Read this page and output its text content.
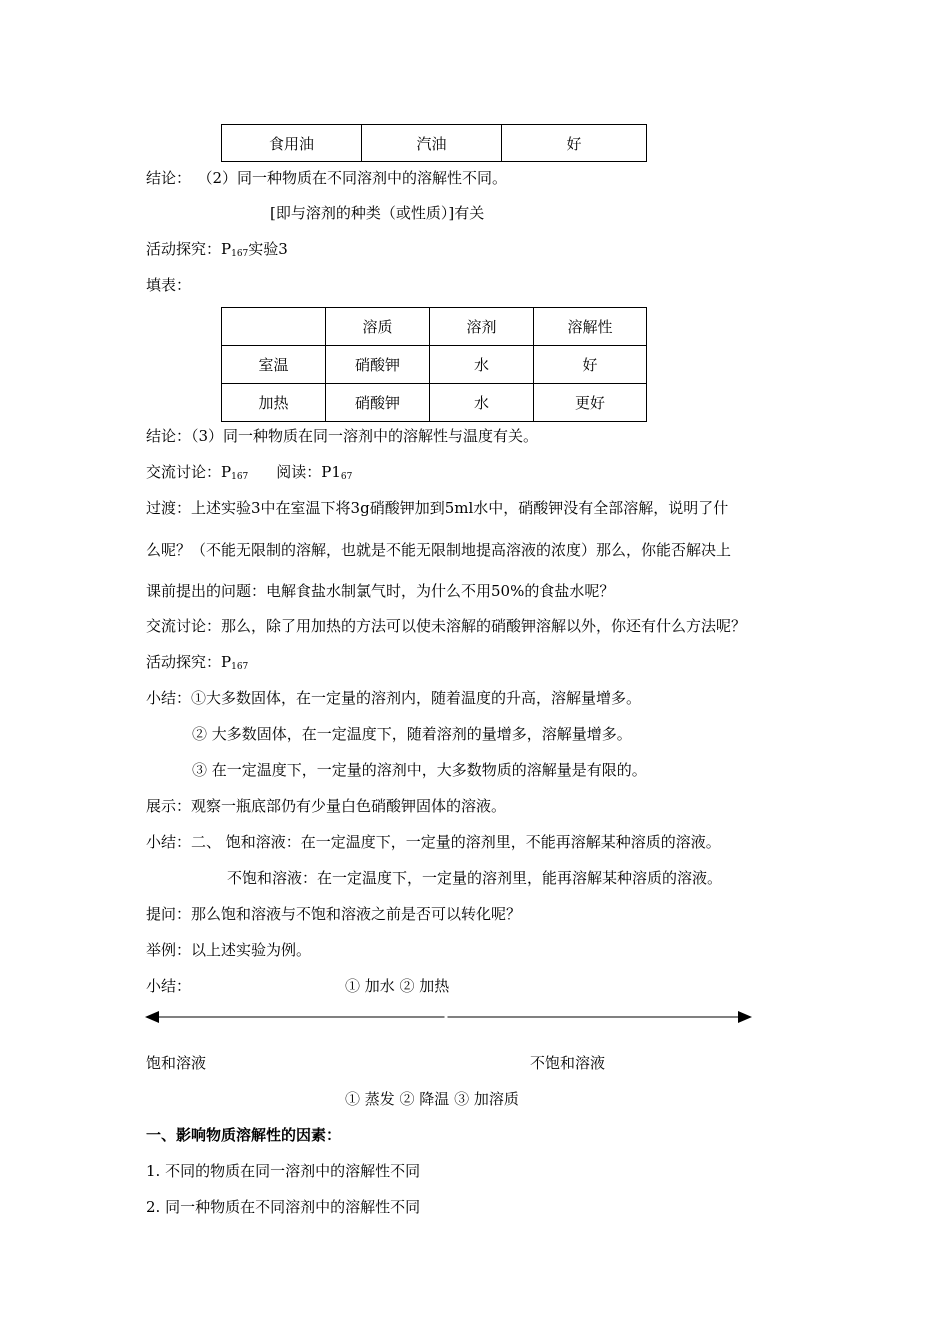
食用油	汽油	好
结论： （2）同一种物质在不同溶剂中的溶解性不同。
[即与溶剂的种类（或性质）]有关
活动探究：$P_{167}$实验3
填表：
	溶质	溶剂	溶解性
室温	硝酸钾	水	好
加热	硝酸钾	水	更好
结论：（3）同一种物质在同一溶剂中的溶解性与温度有关。
交流讨论：$P_{167}$ 阅读：$P1_{67}$
过渡：上述实验3中在室温下将3g硝酸钾加到5ml水中，硝酸钾没有全部溶解，说明了什
么呢？（不能无限制的溶解，也就是不能无限制地提高溶液的浓度）那么，你能否解决上
课前提出的问题：电解食盐水制氯气时，为什么不用50%的食盐水呢？
交流讨论：那么，除了用加热的方法可以使未溶解的硝酸钾溶解以外，你还有什么方法呢？
活动探究：$P_{167}$
小结：①大多数固体，在一定量的溶剂内，随着温度的升高，溶解量增多。
② 大多数固体，在一定温度下，随着溶剂的量增多，溶解量增多。
③ 在一定温度下，一定量的溶剂中，大多数物质的溶解量是有限的。
展示：观察一瓶底部仍有少量白色硝酸钾固体的溶液。
小结：二、 饱和溶液：在一定温度下，一定量的溶剂里，不能再溶解某种溶质的溶液。
不饱和溶液：在一定温度下，一定量的溶剂里，能再溶解某种溶质的溶液。
提问：那么饱和溶液与不饱和溶液之前是否可以转化呢？
举例：以上述实验为例。
小结：	① 加水 ② 加热
饱和溶液	不饱和溶液
① 蒸发 ② 降温 ③ 加溶质
一、影响物质溶解性的因素：
1. 不同的物质在同一溶剂中的溶解性不同
2. 同一种物质在不同溶剂中的溶解性不同
